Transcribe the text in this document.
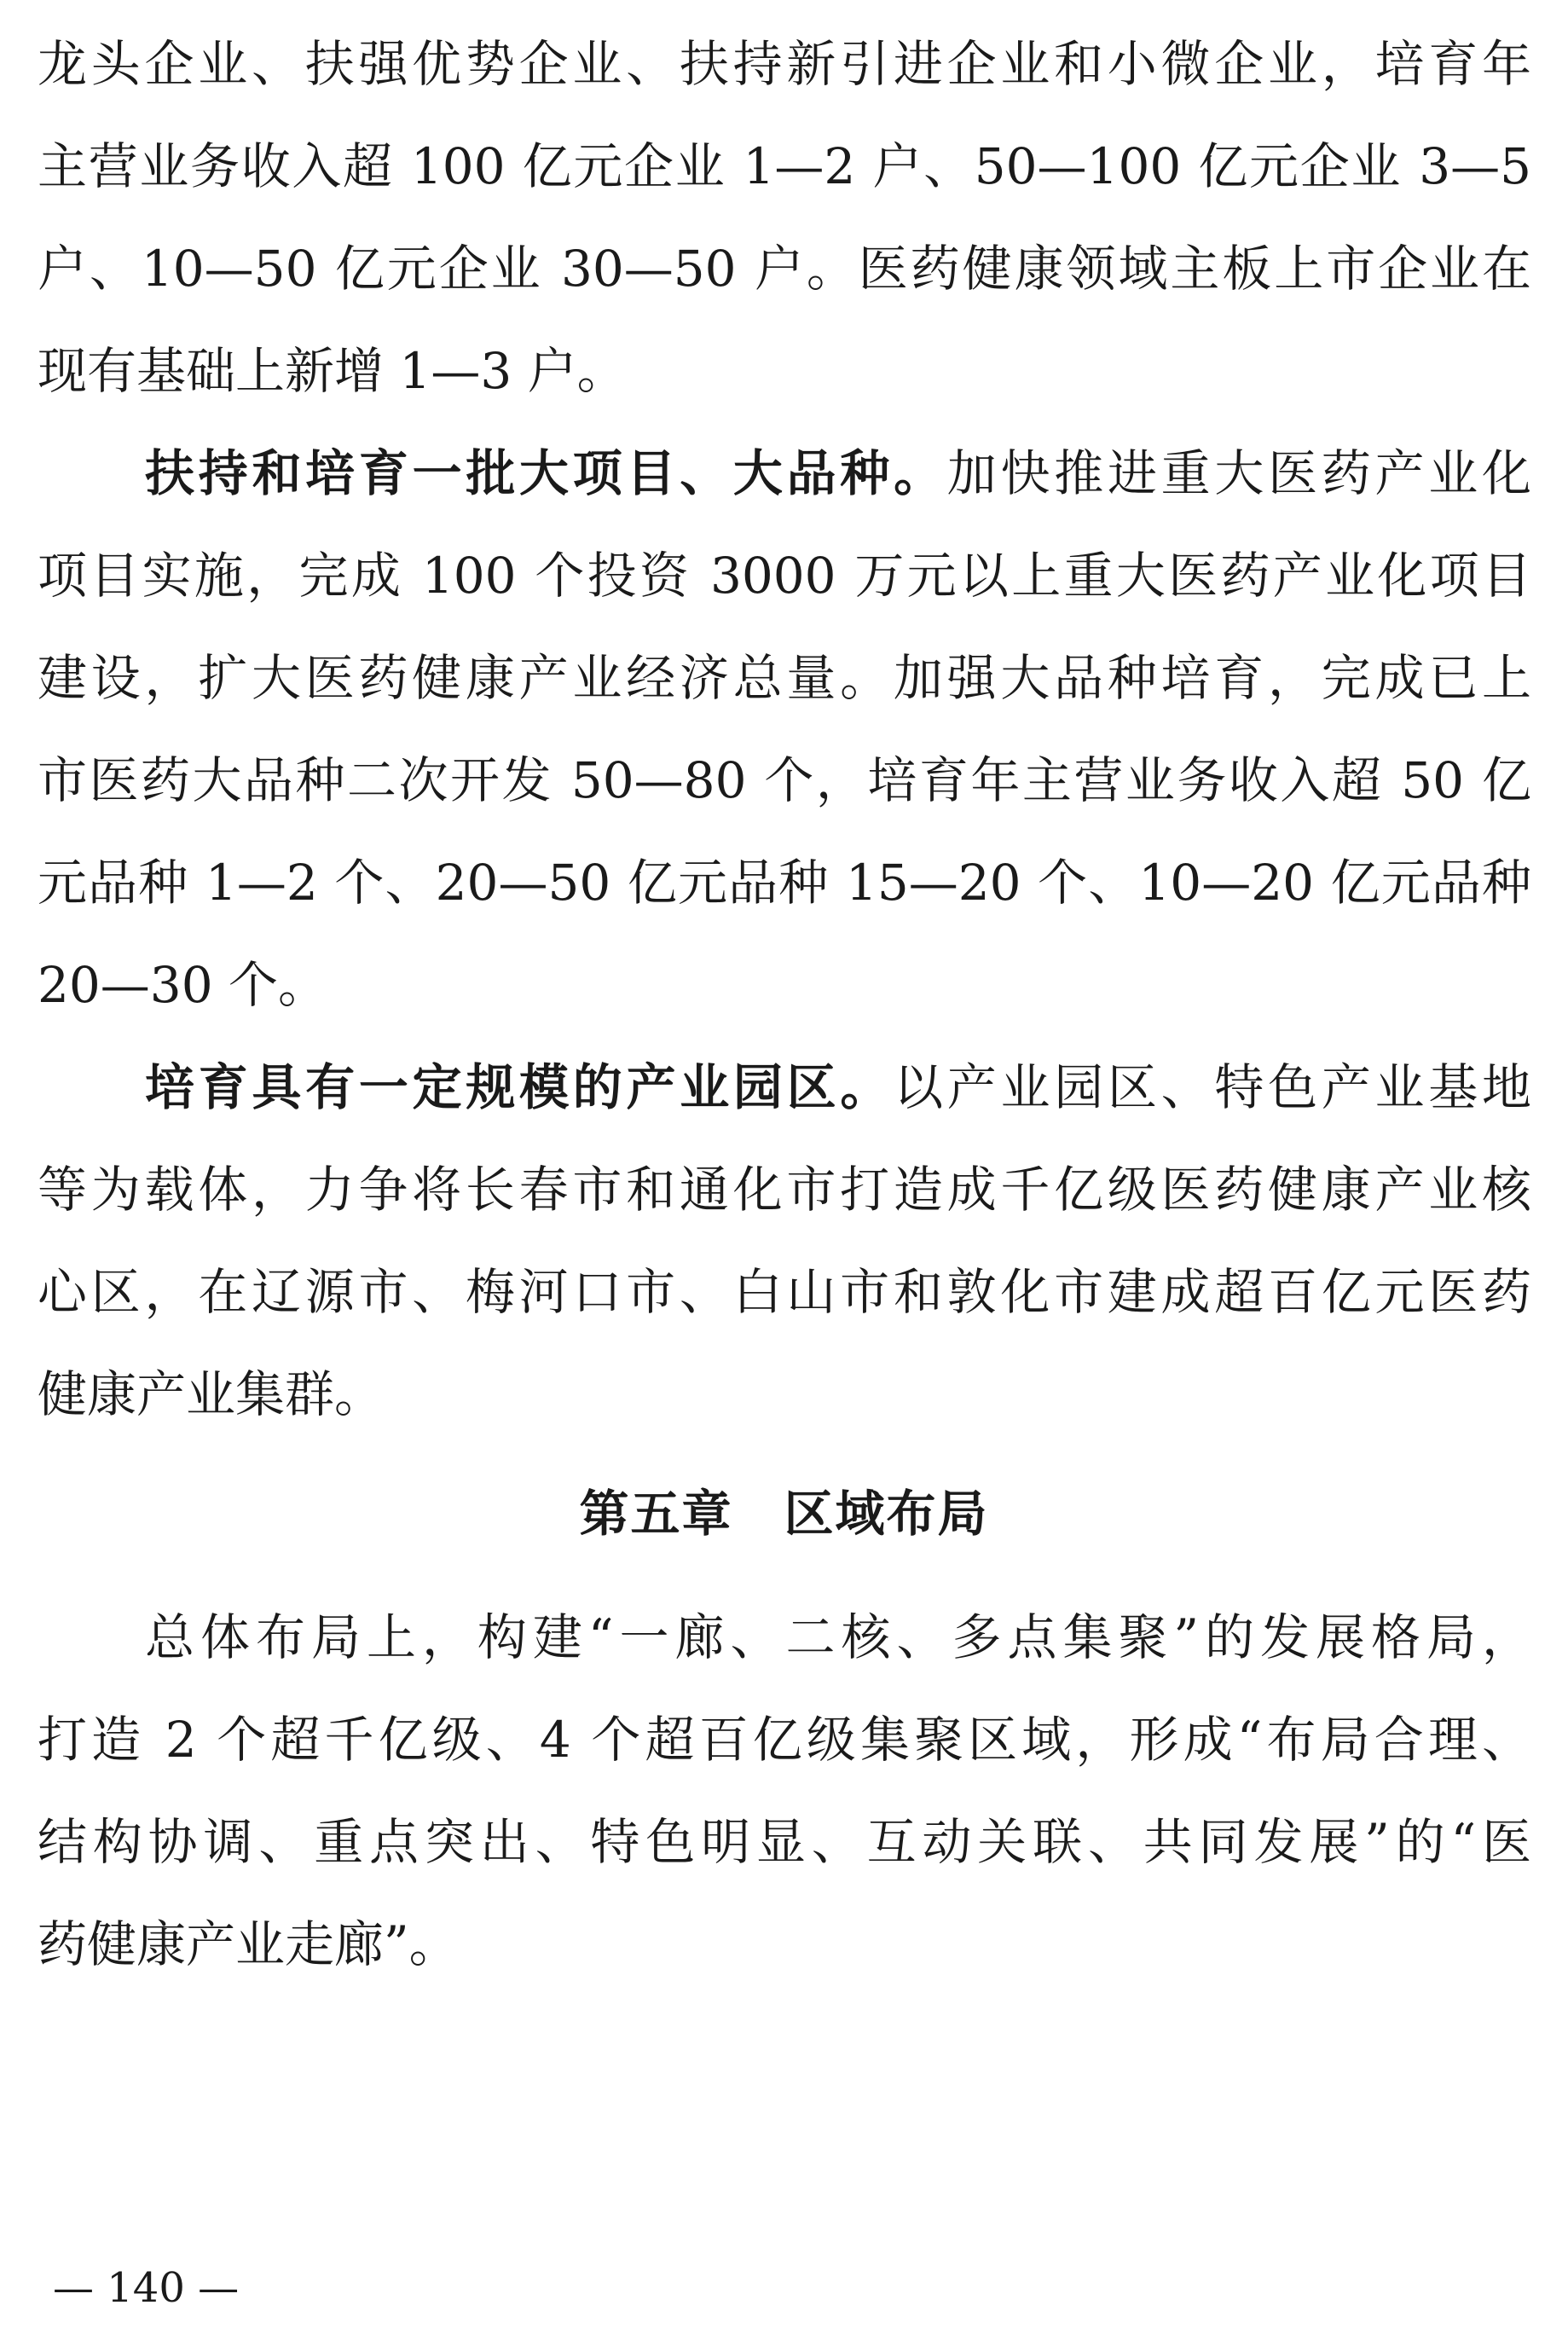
龙头企业、扶强优势企业、扶持新引进企业和小微企业，培育年
主营业务收入超 100 亿元企业 1—2 户、50—100 亿元企业 3—5
户、10—50 亿元企业 30—50 户。医药健康领域主板上市企业在
现有基础上新增 1—3 户。
扶持和培育一批大项目、大品种。加快推进重大医药产业化
项目实施，完成 100 个投资 3000 万元以上重大医药产业化项目
建设，扩大医药健康产业经济总量。加强大品种培育，完成已上
市医药大品种二次开发 50—80 个，培育年主营业务收入超 50 亿
元品种 1—2 个、20—50 亿元品种 15—20 个、10—20 亿元品种
20—30 个。
培育具有一定规模的产业园区。以产业园区、特色产业基地
等为载体，力争将长春市和通化市打造成千亿级医药健康产业核
心区，在辽源市、梅河口市、白山市和敦化市建成超百亿元医药
健康产业集群。
第五章　区域布局
总体布局上，构建“一廊、二核、多点集聚”的发展格局，
打造 2 个超千亿级、4 个超百亿级集聚区域，形成“布局合理、
结构协调、重点突出、特色明显、互动关联、共同发展”的“医
药健康产业走廊”。
— 140 —
